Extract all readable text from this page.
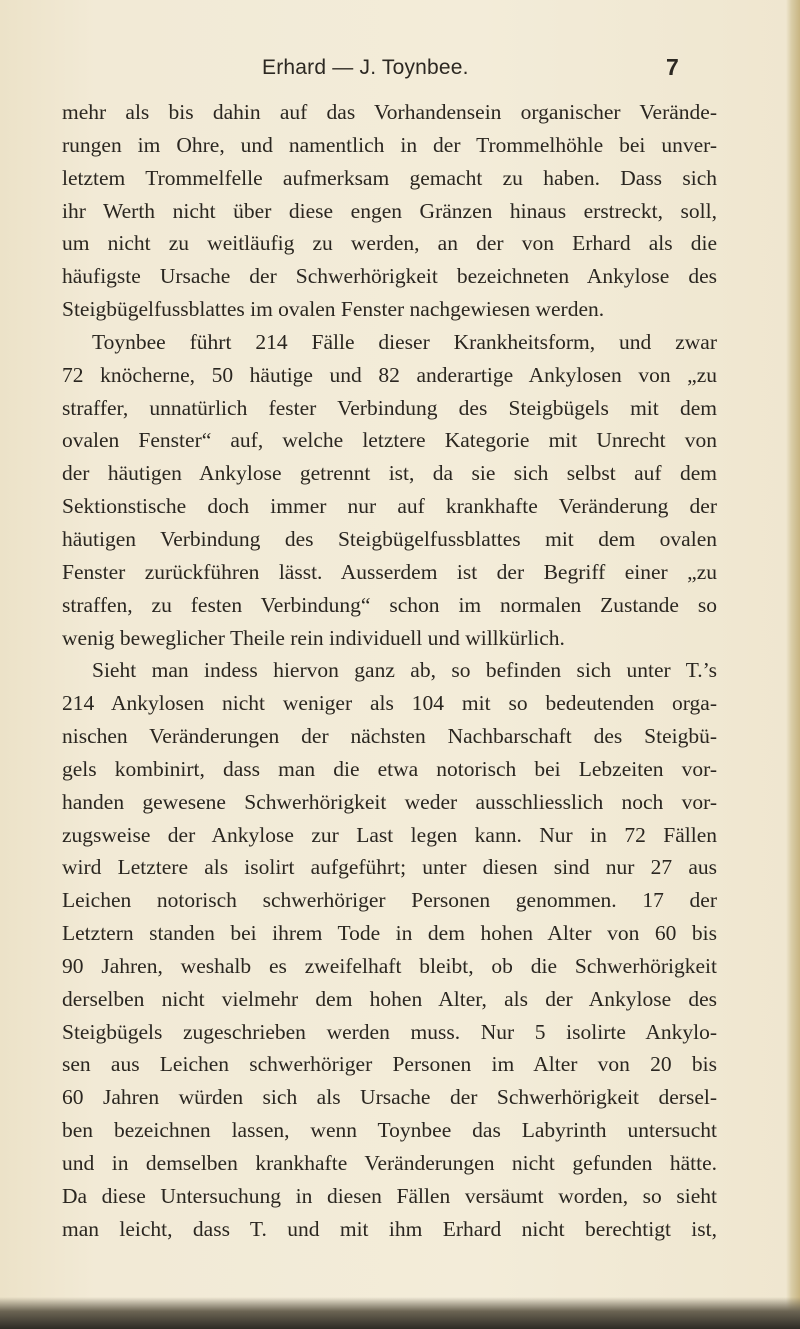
Erhard — J. Toynbee.	7
mehr als bis dahin auf das Vorhandensein organischer Verände-
rungen im Ohre, und namentlich in der Trommelhöhle bei unver-
letztem Trommelfelle aufmerksam gemacht zu haben. Dass sich
ihr Werth nicht über diese engen Gränzen hinaus erstreckt, soll,
um nicht zu weitläufig zu werden, an der von Erhard als die
häufigste Ursache der Schwerhörigkeit bezeichneten Ankylose des
Steigbügelfussblattes im ovalen Fenster nachgewiesen werden.
Toynbee führt 214 Fälle dieser Krankheitsform, und zwar
72 knöcherne, 50 häutige und 82 anderartige Ankylosen von „zu
straffer, unnatürlich fester Verbindung des Steigbügels mit dem
ovalen Fenster“ auf, welche letztere Kategorie mit Unrecht von
der häutigen Ankylose getrennt ist, da sie sich selbst auf dem
Sektionstische doch immer nur auf krankhafte Veränderung der
häutigen Verbindung des Steigbügelfussblattes mit dem ovalen
Fenster zurückführen lässt. Ausserdem ist der Begriff einer „zu
straffen, zu festen Verbindung“ schon im normalen Zustande so
wenig beweglicher Theile rein individuell und willkürlich.
Sieht man indess hiervon ganz ab, so befinden sich unter T.’s
214 Ankylosen nicht weniger als 104 mit so bedeutenden orga-
nischen Veränderungen der nächsten Nachbarschaft des Steigbü-
gels kombinirt, dass man die etwa notorisch bei Lebzeiten vor-
handen gewesene Schwerhörigkeit weder ausschliesslich noch vor-
zugsweise der Ankylose zur Last legen kann. Nur in 72 Fällen
wird Letztere als isolirt aufgeführt; unter diesen sind nur 27 aus
Leichen notorisch schwerhöriger Personen genommen. 17 der
Letztern standen bei ihrem Tode in dem hohen Alter von 60 bis
90 Jahren, weshalb es zweifelhaft bleibt, ob die Schwerhörigkeit
derselben nicht vielmehr dem hohen Alter, als der Ankylose des
Steigbügels zugeschrieben werden muss. Nur 5 isolirte Ankylo-
sen aus Leichen schwerhöriger Personen im Alter von 20 bis
60 Jahren würden sich als Ursache der Schwerhörigkeit dersel-
ben bezeichnen lassen, wenn Toynbee das Labyrinth untersucht
und in demselben krankhafte Veränderungen nicht gefunden hätte.
Da diese Untersuchung in diesen Fällen versäumt worden, so sieht
man leicht, dass T. und mit ihm Erhard nicht berechtigt ist,
